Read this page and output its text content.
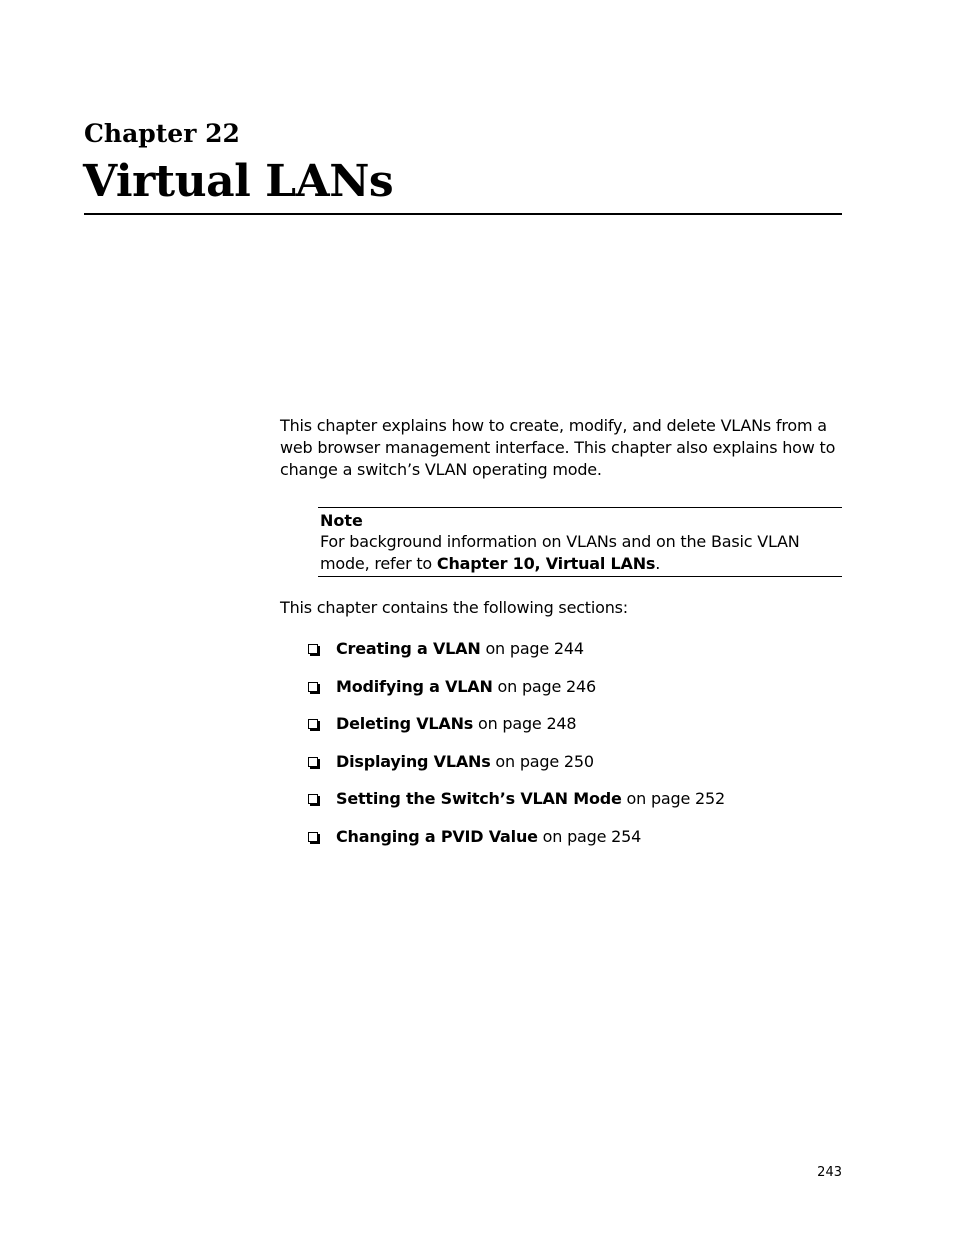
Chapter 22
Virtual LANs

This chapter explains how to create, modify, and delete VLANs from a web browser management interface. This chapter also explains how to change a switch’s VLAN operating mode.

Note

For background information on VLANs and on the Basic VLAN mode, refer to Chapter 10, Virtual LANs.

This chapter contains the following sections:

Creating a VLAN on page 244
Modifying a VLAN on page 246
Deleting VLANs on page 248
Displaying VLANs on page 250
Setting the Switch’s VLAN Mode on page 252
Changing a PVID Value on page 254

243
